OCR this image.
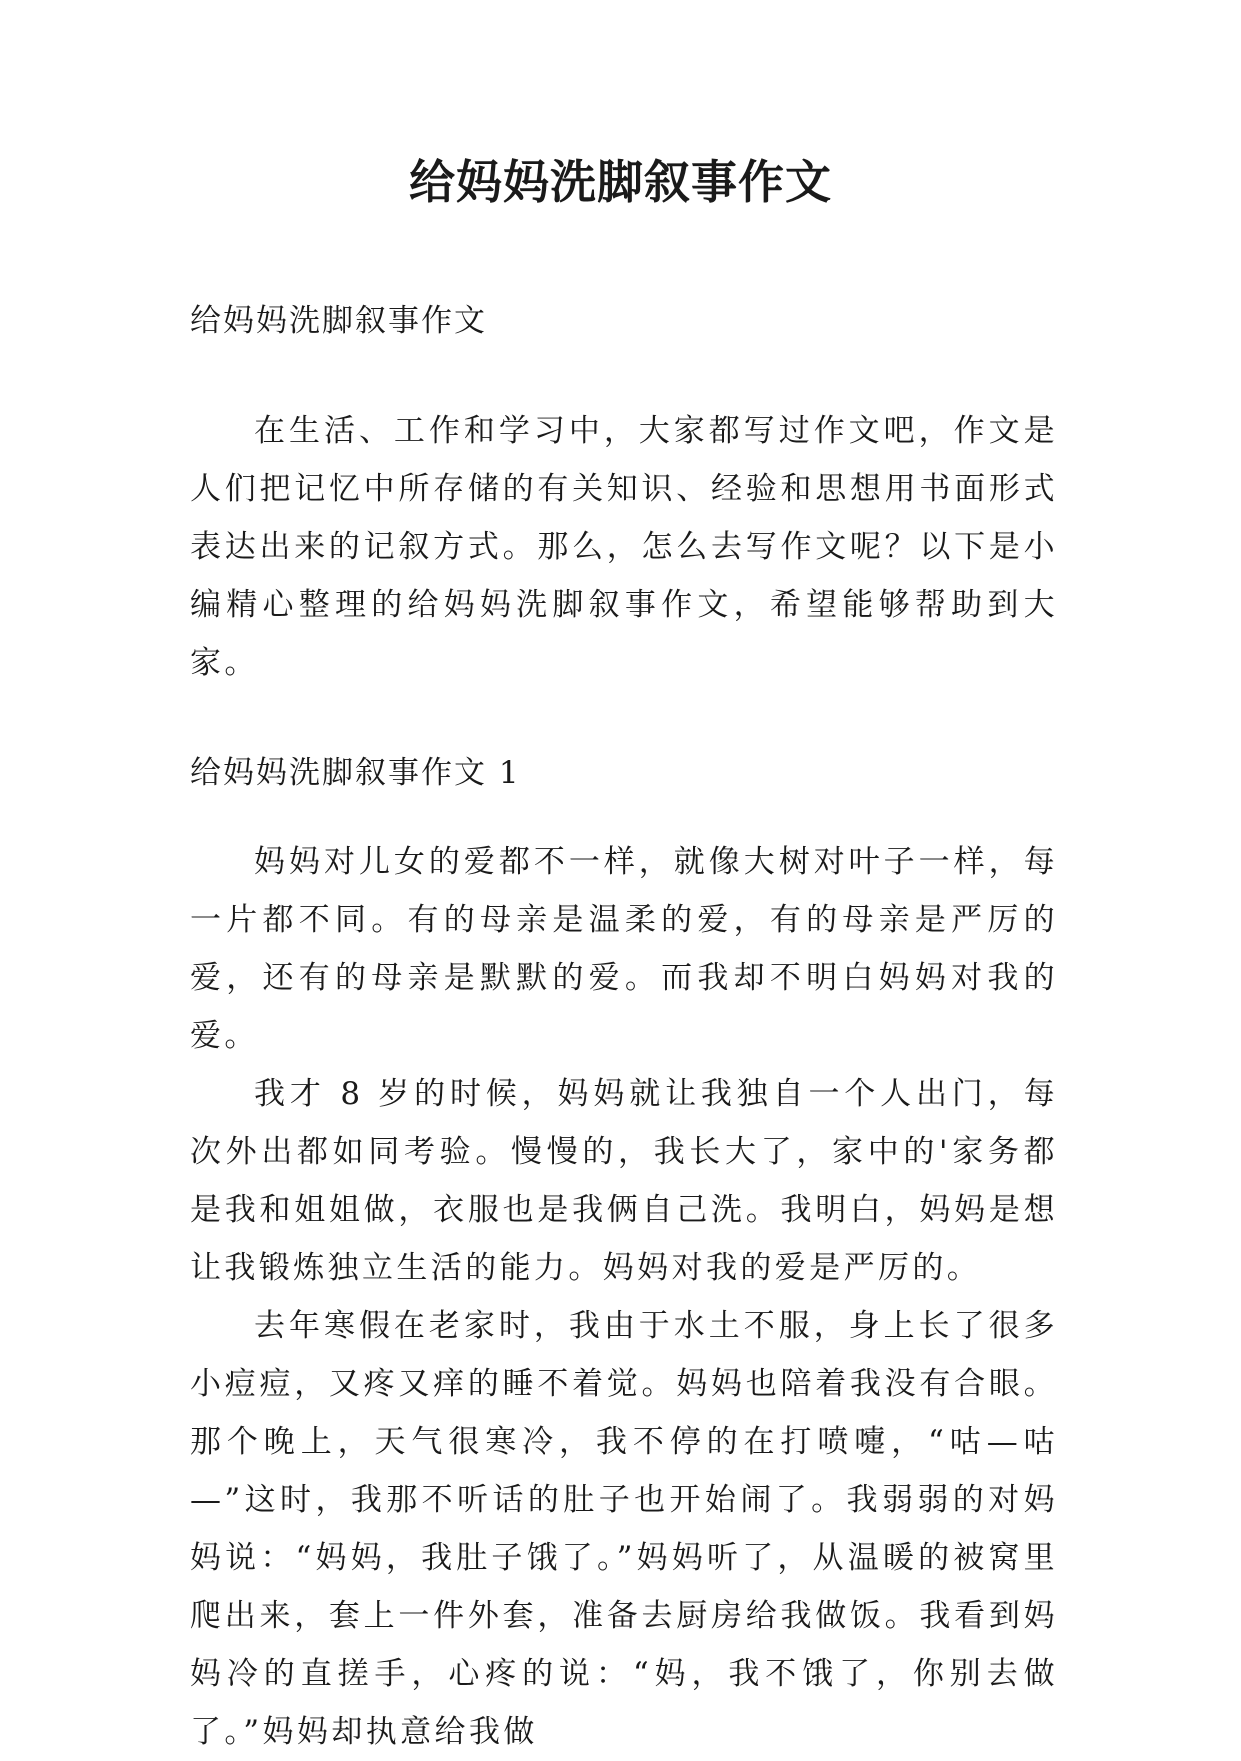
给妈妈洗脚叙事作文

给妈妈洗脚叙事作文

在生活、工作和学习中，大家都写过作文吧，作文是人们把记忆中所存储的有关知识、经验和思想用书面形式表达出来的记叙方式。那么，怎么去写作文呢？以下是小编精心整理的给妈妈洗脚叙事作文，希望能够帮助到大家。

给妈妈洗脚叙事作文 1

妈妈对儿女的爱都不一样，就像大树对叶子一样，每一片都不同。有的母亲是温柔的爱，有的母亲是严厉的爱，还有的母亲是默默的爱。而我却不明白妈妈对我的爱。

我才 8 岁的时候，妈妈就让我独自一个人出门，每次外出都如同考验。慢慢的，我长大了，家中的'家务都是我和姐姐做，衣服也是我俩自己洗。我明白，妈妈是想让我锻炼独立生活的能力。妈妈对我的爱是严厉的。

去年寒假在老家时，我由于水土不服，身上长了很多小痘痘，又疼又痒的睡不着觉。妈妈也陪着我没有合眼。那个晚上，天气很寒冷，我不停的在打喷嚏，“咕—咕—”这时，我那不听话的肚子也开始闹了。我弱弱的对妈妈说：“妈妈，我肚子饿了。”妈妈听了，从温暖的被窝里爬出来，套上一件外套，准备去厨房给我做饭。我看到妈妈冷的直搓手，心疼的说：“妈，我不饿了，你别去做了。”妈妈却执意给我做
